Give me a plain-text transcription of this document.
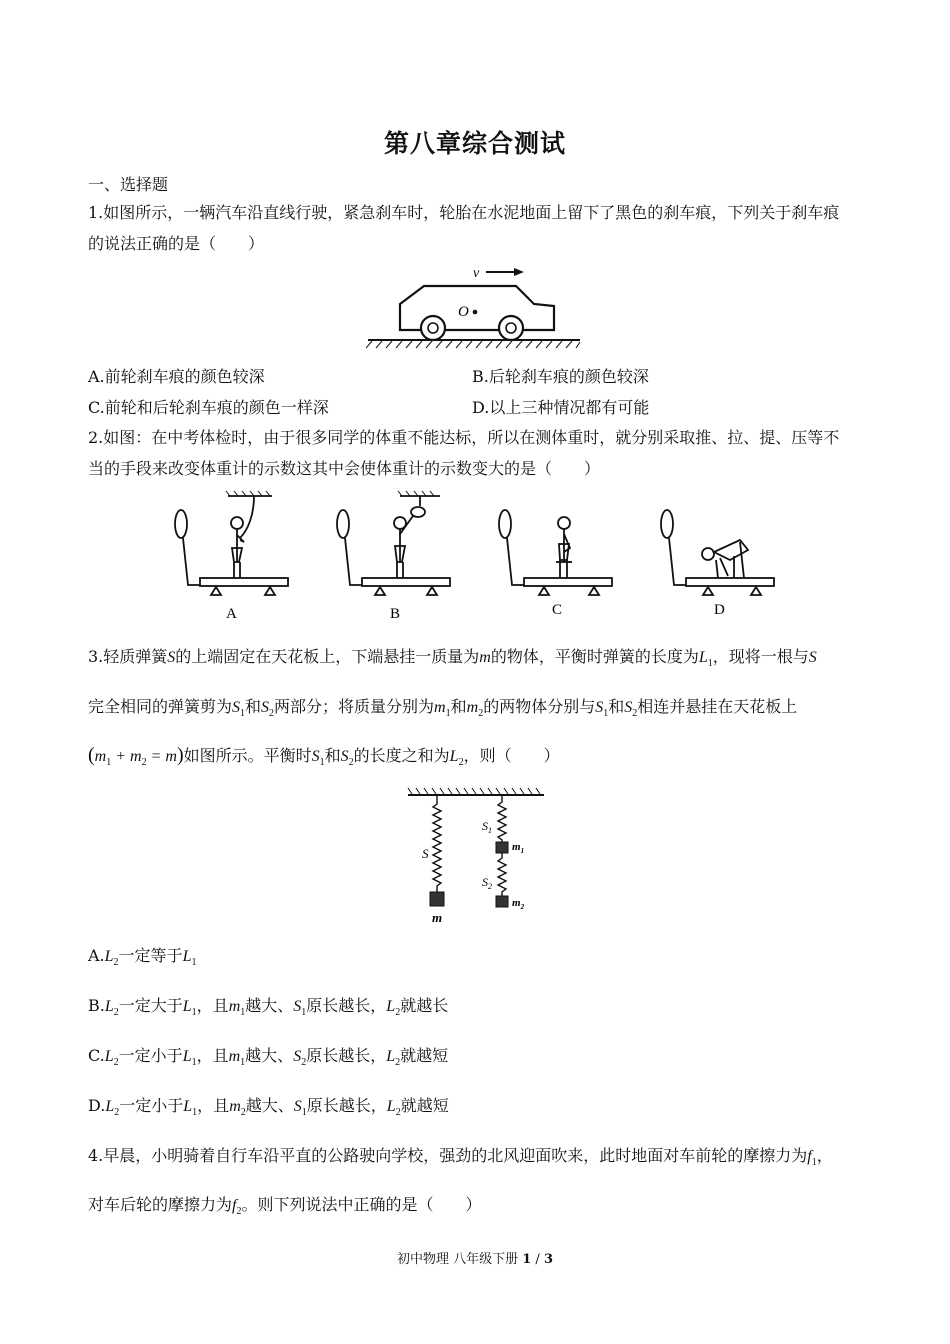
第八章综合测试
一、选择题
1.如图所示，一辆汽车沿直线行驶，紧急刹车时，轮胎在水泥地面上留下了黑色的刹车痕，下列关于刹车痕
的说法正确的是（　　）
v
O
A.前轮刹车痕的颜色较深	B.后轮刹车痕的颜色较深
C.前轮和后轮刹车痕的颜色一样深	D.以上三种情况都有可能
2.如图：在中考体检时，由于很多同学的体重不能达标，所以在测体重时，就分别采取推、拉、提、压等不
当的手段来改变体重计的示数这其中会使体重计的示数变大的是（　　）
A	B	C	D
3.轻质弹簧S的上端固定在天花板上，下端悬挂一质量为m的物体，平衡时弹簧的长度为$L_1$，现将一根与S
完全相同的弹簧剪为$S_1$和$S_2$两部分；将质量分别为$m_1$和$m_2$的两物体分别与$S_1$和$S_2$相连并悬挂在天花板上
$(m_1 + m_2 = m)$如图所示。平衡时$S_1$和$S_2$的长度之和为$L_2$，则（　　）
S
m
$S_1$
$S_2$
$m_1$
$m_2$
$A.L_2$一定等于$L_1$
$B.L_2$一定大于$L_1$，且$m_1$越大、$S_1$原长越长，$L_2$就越长
$C.L_2$一定小于$L_1$，且$m_1$越大、$S_2$原长越长，$L_2$就越短
$D.L_2$一定小于$L_1$，且$m_2$越大、$S_1$原长越长，$L_2$就越短
4.早晨，小明骑着自行车沿平直的公路驶向学校，强劲的北风迎面吹来，此时地面对车前轮的摩擦力为$f_1$，
对车后轮的摩擦力为$f_2$。则下列说法中正确的是（　　）
初中物理 八年级下册 1 / 3
